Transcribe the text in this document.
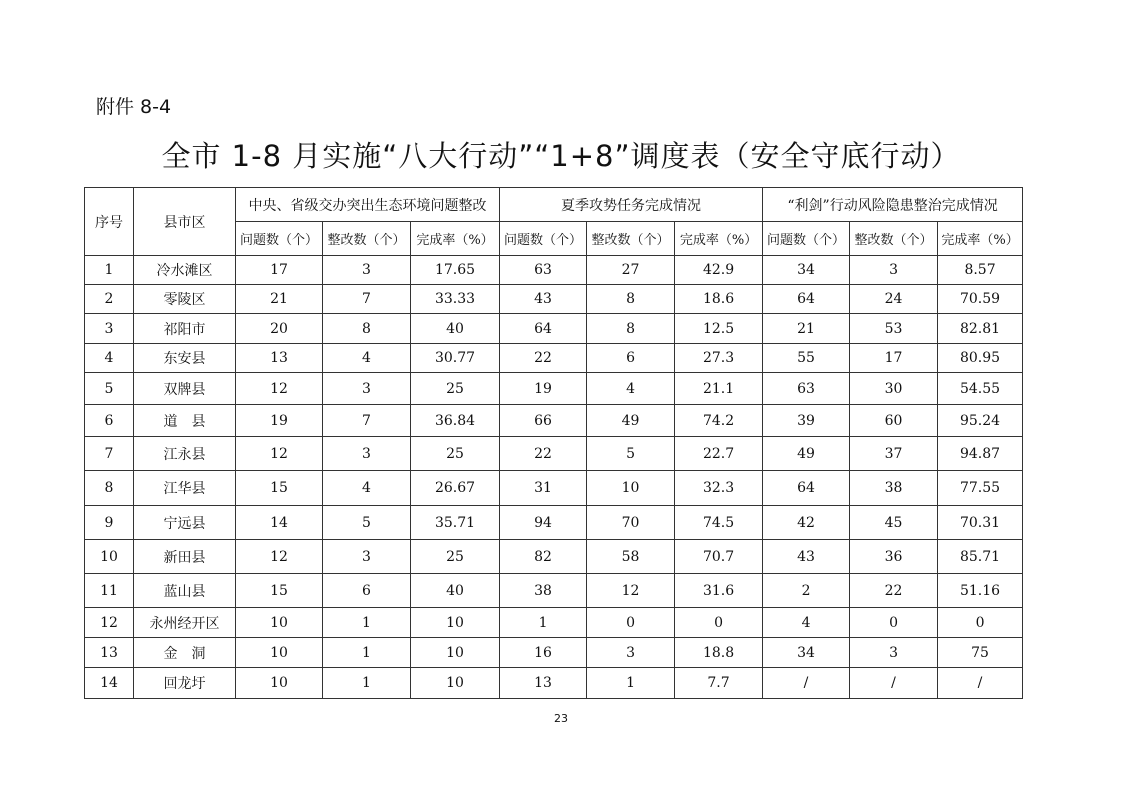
附件 8-4
全市 1-8 月实施“八大行动”“1+8”调度表（安全守底行动）
序号	县市区	中央、省级交办突出生态环境问题整改			夏季攻势任务完成情况			“利剑”行动风险隐患整治完成情况		
		问题数（个）	整改数（个）	完成率（%）	问题数（个）	整改数（个）	完成率（%）	问题数（个）	整改数（个）	完成率（%）
1	冷水滩区	17	3	17.65	63	27	42.9	34	3	8.57
2	零陵区	21	7	33.33	43	8	18.6	64	24	70.59
3	祁阳市	20	8	40	64	8	12.5	21	53	82.81
4	东安县	13	4	30.77	22	6	27.3	55	17	80.95
5	双牌县	12	3	25	19	4	21.1	63	30	54.55
6	道　县	19	7	36.84	66	49	74.2	39	60	95.24
7	江永县	12	3	25	22	5	22.7	49	37	94.87
8	江华县	15	4	26.67	31	10	32.3	64	38	77.55
9	宁远县	14	5	35.71	94	70	74.5	42	45	70.31
10	新田县	12	3	25	82	58	70.7	43	36	85.71
11	蓝山县	15	6	40	38	12	31.6	2	22	51.16
12	永州经开区	10	1	10	1	0	0	4	0	0
13	金　洞	10	1	10	16	3	18.8	34	3	75
14	回龙圩	10	1	10	13	1	7.7	/	/	/
23
